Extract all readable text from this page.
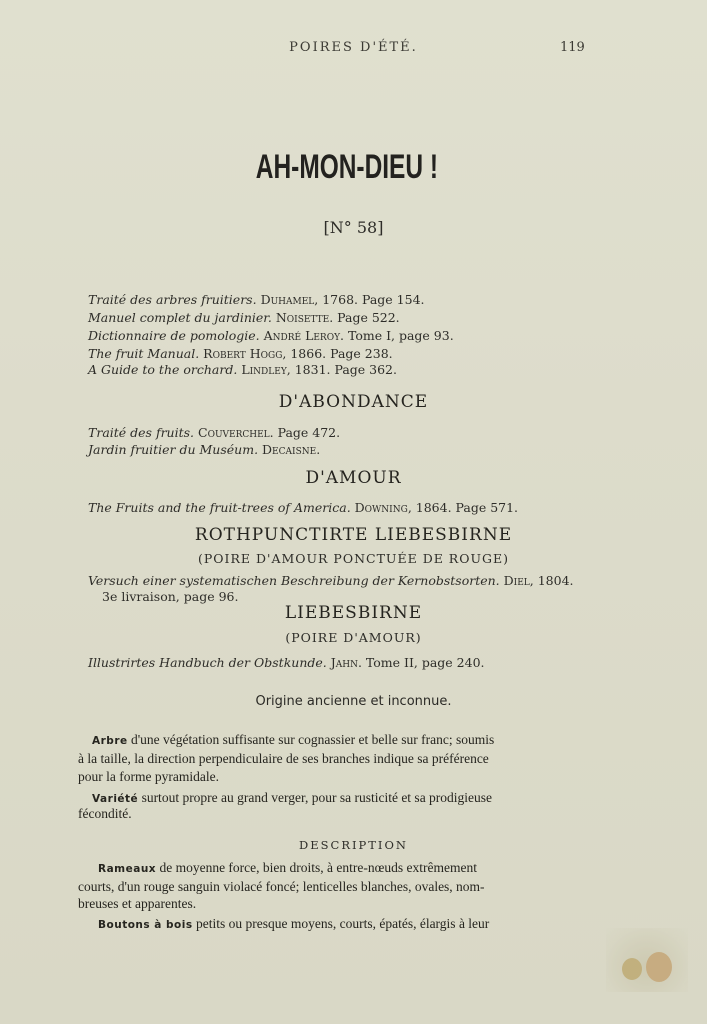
POIRES D'ÉTÉ.	119
AH-MON-DIEU !
[N° 58]
Traité des arbres fruitiers. Duhamel, 1768. Page 154.
Manuel complet du jardinier. Noisette. Page 522.
Dictionnaire de pomologie. André Leroy. Tome I, page 93.
The fruit Manual. Robert Hogg, 1866. Page 238.
A Guide to the orchard. Lindley, 1831. Page 362.
D'ABONDANCE
Traité des fruits. Couverchel. Page 472.
Jardin fruitier du Muséum. Decaisne.
D'AMOUR
The Fruits and the fruit-trees of America. Downing, 1864. Page 571.
ROTHPUNCTIRTE LIEBESBIRNE
(POIRE D'AMOUR PONCTUÉE DE ROUGE)
Versuch einer systematischen Beschreibung der Kernobstsorten. Diel, 1804.
3e livraison, page 96.
LIEBESBIRNE
(POIRE D'AMOUR)
Illustrirtes Handbuch der Obstkunde. Jahn. Tome II, page 240.
Origine ancienne et inconnue.
Arbre d'une végétation suffisante sur cognassier et belle sur franc; soumis
à la taille, la direction perpendiculaire de ses branches indique sa préférence
pour la forme pyramidale.
Variété surtout propre au grand verger, pour sa rusticité et sa prodigieuse
fécondité.
DESCRIPTION
Rameaux de moyenne force, bien droits, à entre-nœuds extrêmement
courts, d'un rouge sanguin violacé foncé; lenticelles blanches, ovales, nom-
breuses et apparentes.
Boutons à bois petits ou presque moyens, courts, épatés, élargis à leur
